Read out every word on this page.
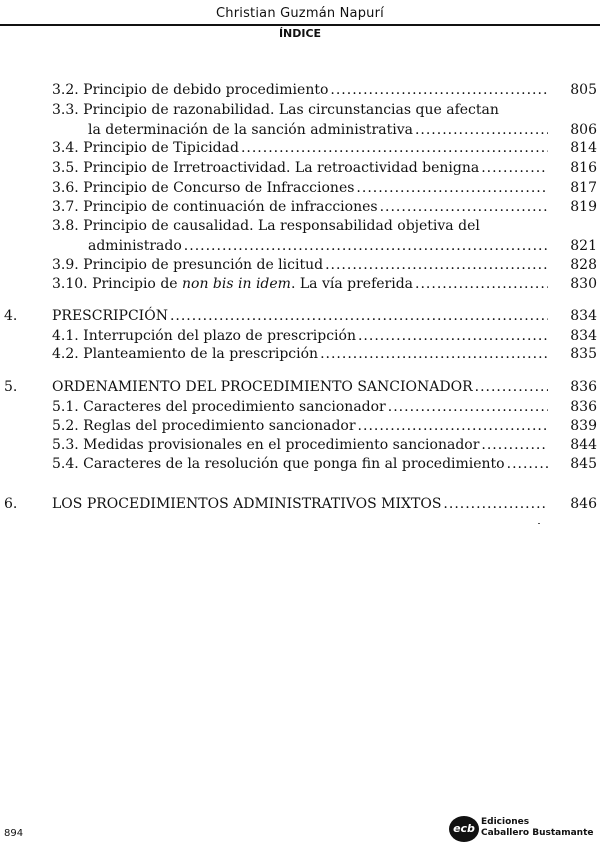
Christian Guzmán Napurí
ÍNDICE
3.2. Principio de debido procedimiento .....	805
3.3. Principio de razonabilidad. Las circunstancias que afectan
la determinación de la sanción administrativa .....	806
3.4. Principio de Tipicidad .....	814
3.5. Principio de Irretroactividad. La retroactividad benigna .....	816
3.6. Principio de Concurso de Infracciones .....	817
3.7. Principio de continuación de infracciones .....	819
3.8. Principio de causalidad. La responsabilidad objetiva del
administrado .....	821
3.9. Principio de presunción de licitud .....	828
3.10. Principio de non bis in idem. La vía preferida .....	830
4. PRESCRIPCIÓN .....	834
4.1. Interrupción del plazo de prescripción .....	834
4.2. Planteamiento de la prescripción .....	835
5. ORDENAMIENTO DEL PROCEDIMIENTO SANCIONADOR .....	836
5.1. Caracteres del procedimiento sancionador .....	836
5.2. Reglas del procedimiento sancionador .....	839
5.3. Medidas provisionales en el procedimiento sancionador .....	844
5.4. Caracteres de la resolución que ponga fin al procedimiento .....	845
6. LOS PROCEDIMIENTOS ADMINISTRATIVOS MIXTOS .....	846
894	ecb Ediciones
Caballero Bustamante
